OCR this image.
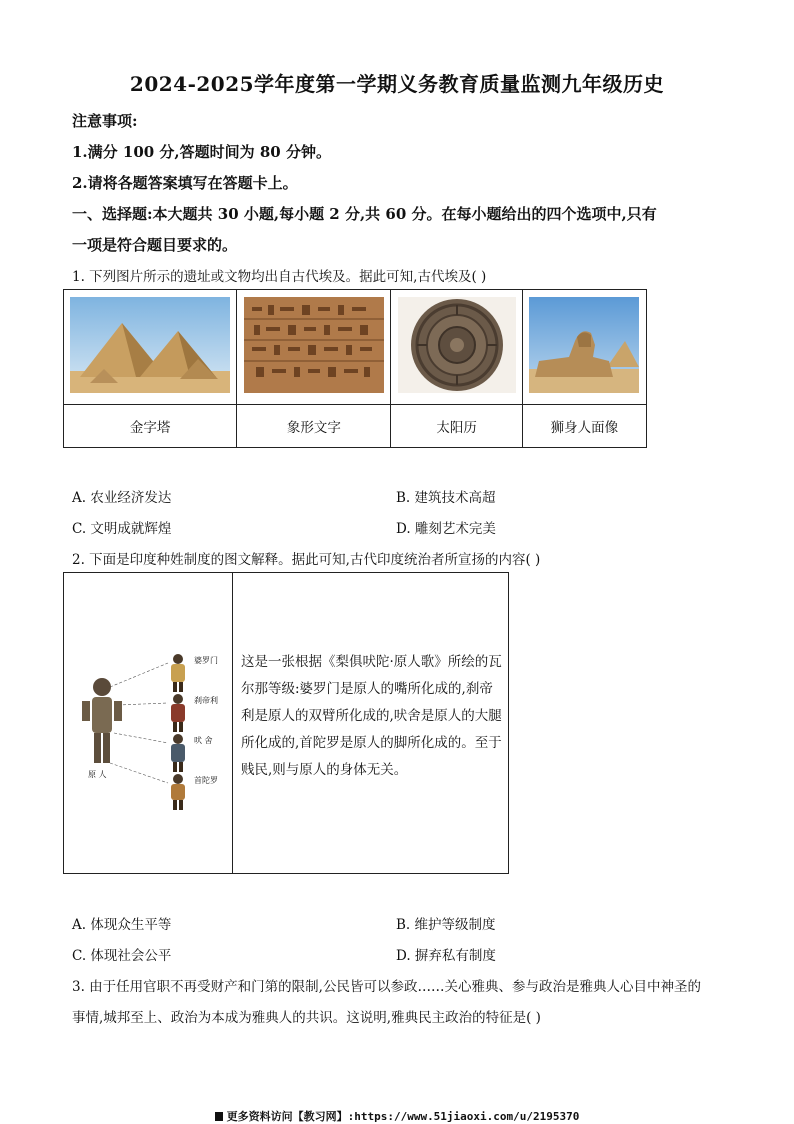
2024-2025学年度第一学期义务教育质量监测九年级历史
注意事项:
1.满分 100 分,答题时间为 80 分钟。
2.请将各题答案填写在答题卡上。
一、选择题:本大题共 30 小题,每小题 2 分,共 60 分。在每小题给出的四个选项中,只有
一项是符合题目要求的。
1. 下列图片所示的遗址或文物均出自古代埃及。据此可知,古代埃及( )

金字塔	象形文字	太阳历	狮身人面像
A. 农业经济发达	B. 建筑技术高超
C. 文明成就辉煌	D. 雕刻艺术完美
2. 下面是印度种姓制度的图文解释。据此可知,古代印度统治者所宣扬的内容( )
婆罗门
刹帝利
吠 舍
首陀罗
原 人
这是一张根据《梨俱吠陀·原人歌》所绘的瓦尔那等级:婆罗门是原人的嘴所化成的,刹帝利是原人的双臂所化成的,吠舍是原人的大腿所化成的,首陀罗是原人的脚所化成的。至于贱民,则与原人的身体无关。
A. 体现众生平等	B. 维护等级制度
C. 体现社会公平	D. 摒弃私有制度
3. 由于任用官职不再受财产和门第的限制,公民皆可以参政……关心雅典、参与政治是雅典人心目中神圣的
事情,城邦至上、政治为本成为雅典人的共识。这说明,雅典民主政治的特征是( )
更多资料访问【教习网】:https://www.51jiaoxi.com/u/2195370
